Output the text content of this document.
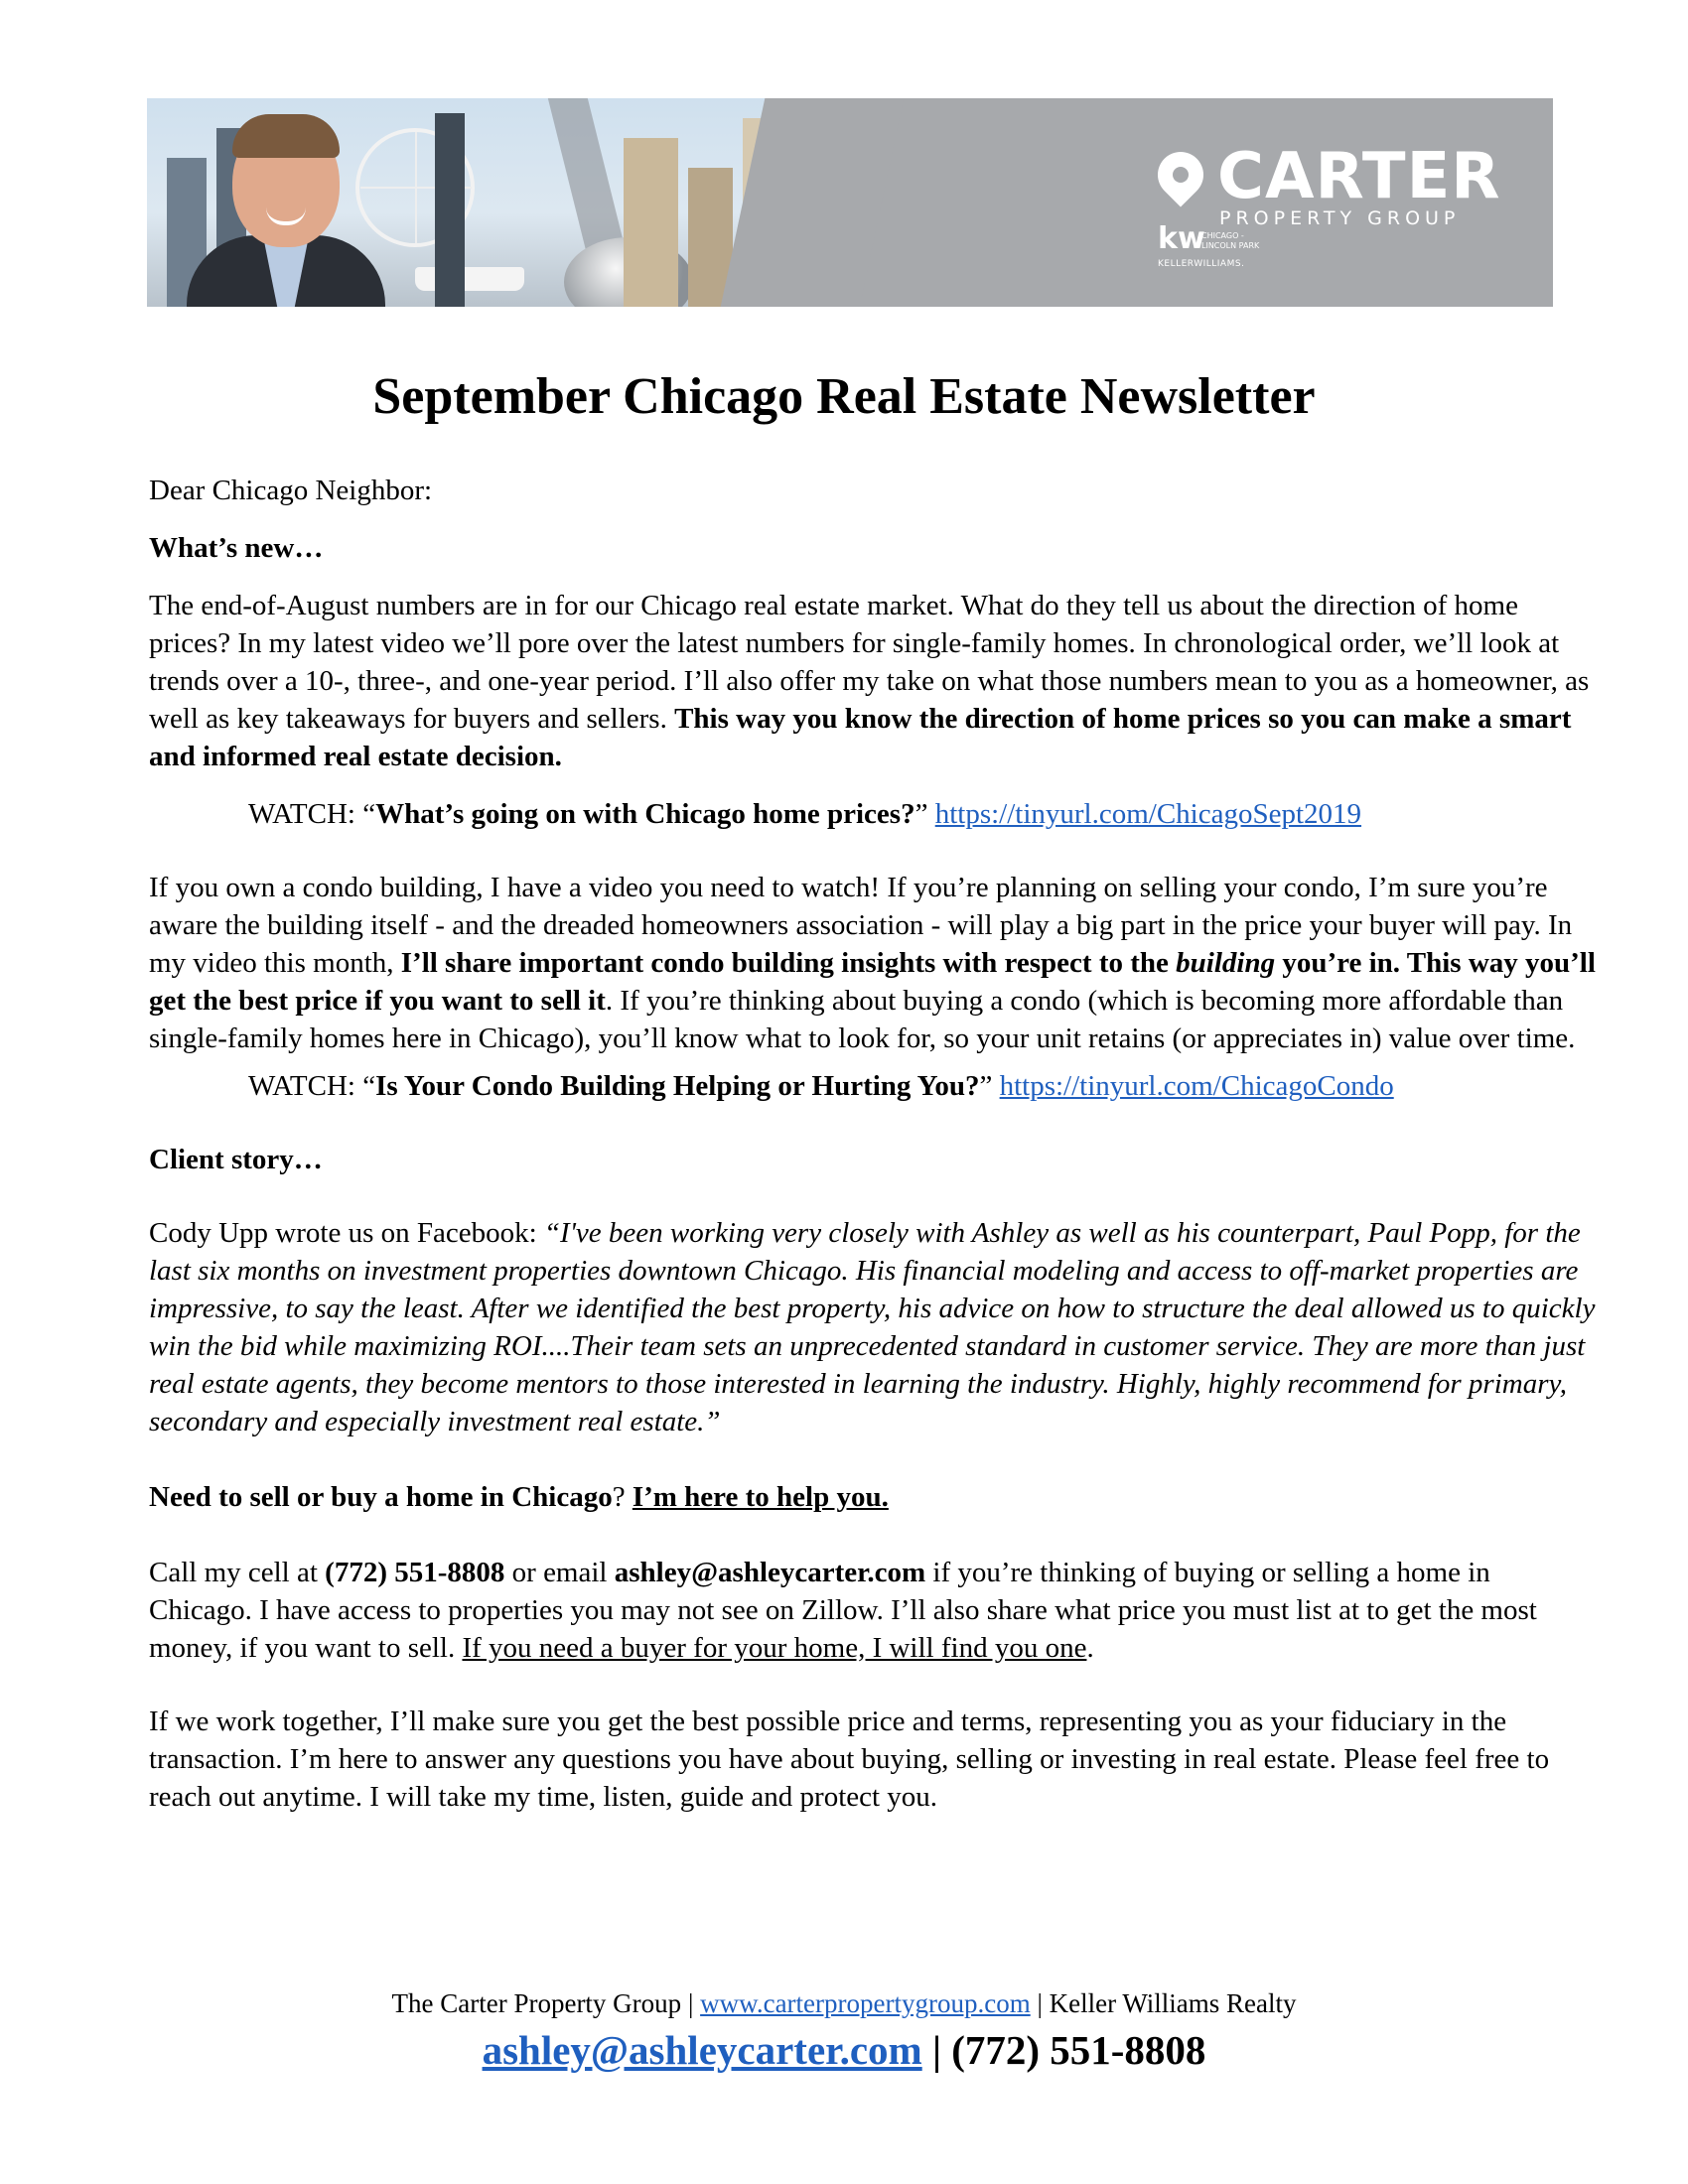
CARTER
PROPERTY GROUP
kw
CHICAGO - LINCOLN PARK
KELLERWILLIAMS.
September Chicago Real Estate Newsletter

Dear Chicago Neighbor:

What’s new…

The end-of-August numbers are in for our Chicago real estate market. What do they tell us about the direction of home prices? In my latest video we’ll pore over the latest numbers for single-family homes. In chronological order, we’ll look at trends over a 10-, three-, and one-year period. I’ll also offer my take on what those numbers mean to you as a homeowner, as well as key takeaways for buyers and sellers. This way you know the direction of home prices so you can make a smart and informed real estate decision.

WATCH: “What’s going on with Chicago home prices?” https://tinyurl.com/ChicagoSept2019

If you own a condo building, I have a video you need to watch! If you’re planning on selling your condo, I’m sure you’re aware the building itself - and the dreaded homeowners association - will play a big part in the price your buyer will pay. In my video this month, I’ll share important condo building insights with respect to the building you’re in. This way you’ll get the best price if you want to sell it. If you’re thinking about buying a condo (which is becoming more affordable than single-family homes here in Chicago), you’ll know what to look for, so your unit retains (or appreciates in) value over time.

WATCH: “Is Your Condo Building Helping or Hurting You?” https://tinyurl.com/ChicagoCondo

Client story…

Cody Upp wrote us on Facebook: “I've been working very closely with Ashley as well as his counterpart, Paul Popp, for the last six months on investment properties downtown Chicago. His financial modeling and access to off-market properties are impressive, to say the least. After we identified the best property, his advice on how to structure the deal allowed us to quickly win the bid while maximizing ROI....Their team sets an unprecedented standard in customer service. They are more than just real estate agents, they become mentors to those interested in learning the industry. Highly, highly recommend for primary, secondary and especially investment real estate.”

Need to sell or buy a home in Chicago? I’m here to help you.

Call my cell at (772) 551-8808 or email ashley@ashleycarter.com if you’re thinking of buying or selling a home in Chicago. I have access to properties you may not see on Zillow. I’ll also share what price you must list at to get the most money, if you want to sell. If you need a buyer for your home, I will find you one.

If we work together, I’ll make sure you get the best possible price and terms, representing you as your fiduciary in the transaction. I’m here to answer any questions you have about buying, selling or investing in real estate. Please feel free to reach out anytime. I will take my time, listen, guide and protect you.

The Carter Property Group | www.carterpropertygroup.com | Keller Williams Realty
ashley@ashleycarter.com | (772) 551-8808
